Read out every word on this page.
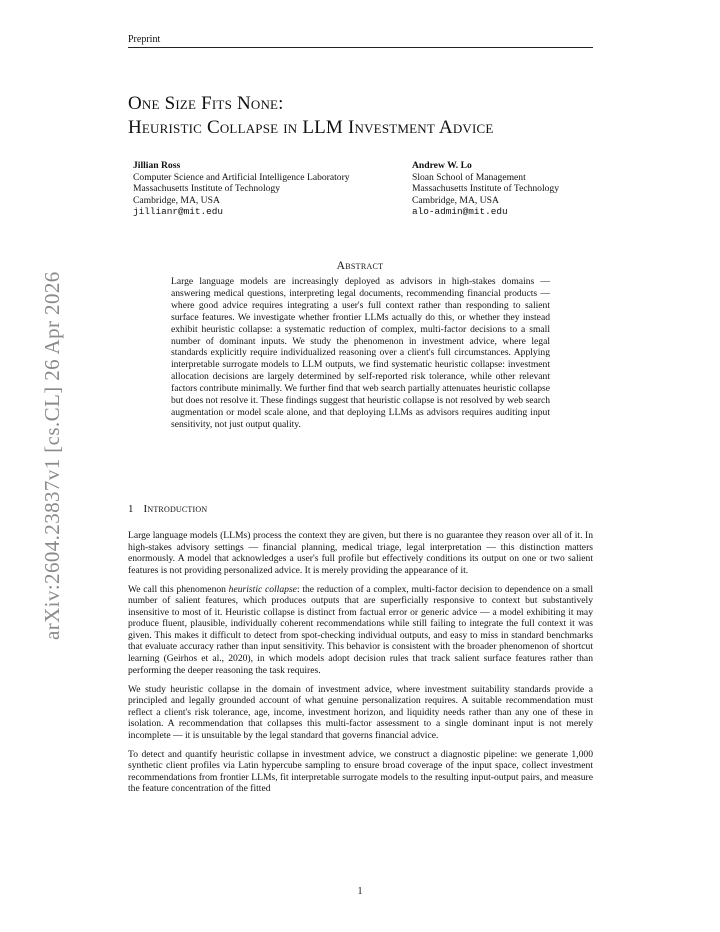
Preprint
One Size Fits None:
Heuristic Collapse in LLM Investment Advice
Jillian Ross
Computer Science and Artificial Intelligence Laboratory
Massachusetts Institute of Technology
Cambridge, MA, USA
jillianr@mit.edu
Andrew W. Lo
Sloan School of Management
Massachusetts Institute of Technology
Cambridge, MA, USA
alo-admin@mit.edu
Abstract
Large language models are increasingly deployed as advisors in high-stakes domains — answering medical questions, interpreting legal documents, recommending financial products — where good advice requires integrating a user's full context rather than responding to salient surface features. We investigate whether frontier LLMs actually do this, or whether they instead exhibit heuristic collapse: a systematic reduction of complex, multi-factor decisions to a small number of dominant inputs. We study the phenomenon in investment advice, where legal standards explicitly require individualized reasoning over a client's full circumstances. Applying interpretable surrogate models to LLM outputs, we find systematic heuristic collapse: investment allocation decisions are largely determined by self-reported risk tolerance, while other relevant factors contribute minimally. We further find that web search partially attenuates heuristic collapse but does not resolve it. These findings suggest that heuristic collapse is not resolved by web search augmentation or model scale alone, and that deploying LLMs as advisors requires auditing input sensitivity, not just output quality.
1 Introduction

Large language models (LLMs) process the context they are given, but there is no guarantee they reason over all of it. In high-stakes advisory settings — financial planning, medical triage, legal interpretation — this distinction matters enormously. A model that acknowledges a user's full profile but effectively conditions its output on one or two salient features is not providing personalized advice. It is merely providing the appearance of it.

We call this phenomenon heuristic collapse: the reduction of a complex, multi-factor decision to dependence on a small number of salient features, which produces outputs that are superficially responsive to context but substantively insensitive to most of it. Heuristic collapse is distinct from factual error or generic advice — a model exhibiting it may produce fluent, plausible, individually coherent recommendations while still failing to integrate the full context it was given. This makes it difficult to detect from spot-checking individual outputs, and easy to miss in standard benchmarks that evaluate accuracy rather than input sensitivity. This behavior is consistent with the broader phenomenon of shortcut learning (Geirhos et al., 2020), in which models adopt decision rules that track salient surface features rather than performing the deeper reasoning the task requires.

We study heuristic collapse in the domain of investment advice, where investment suitability standards provide a principled and legally grounded account of what genuine personalization requires. A suitable recommendation must reflect a client's risk tolerance, age, income, investment horizon, and liquidity needs rather than any one of these in isolation. A recommendation that collapses this multi-factor assessment to a single dominant input is not merely incomplete — it is unsuitable by the legal standard that governs financial advice.

To detect and quantify heuristic collapse in investment advice, we construct a diagnostic pipeline: we generate 1,000 synthetic client profiles via Latin hypercube sampling to ensure broad coverage of the input space, collect investment recommendations from frontier LLMs, fit interpretable surrogate models to the resulting input-output pairs, and measure the feature concentration of the fitted

1
arXiv:2604.23837v1 [cs.CL] 26 Apr 2026
